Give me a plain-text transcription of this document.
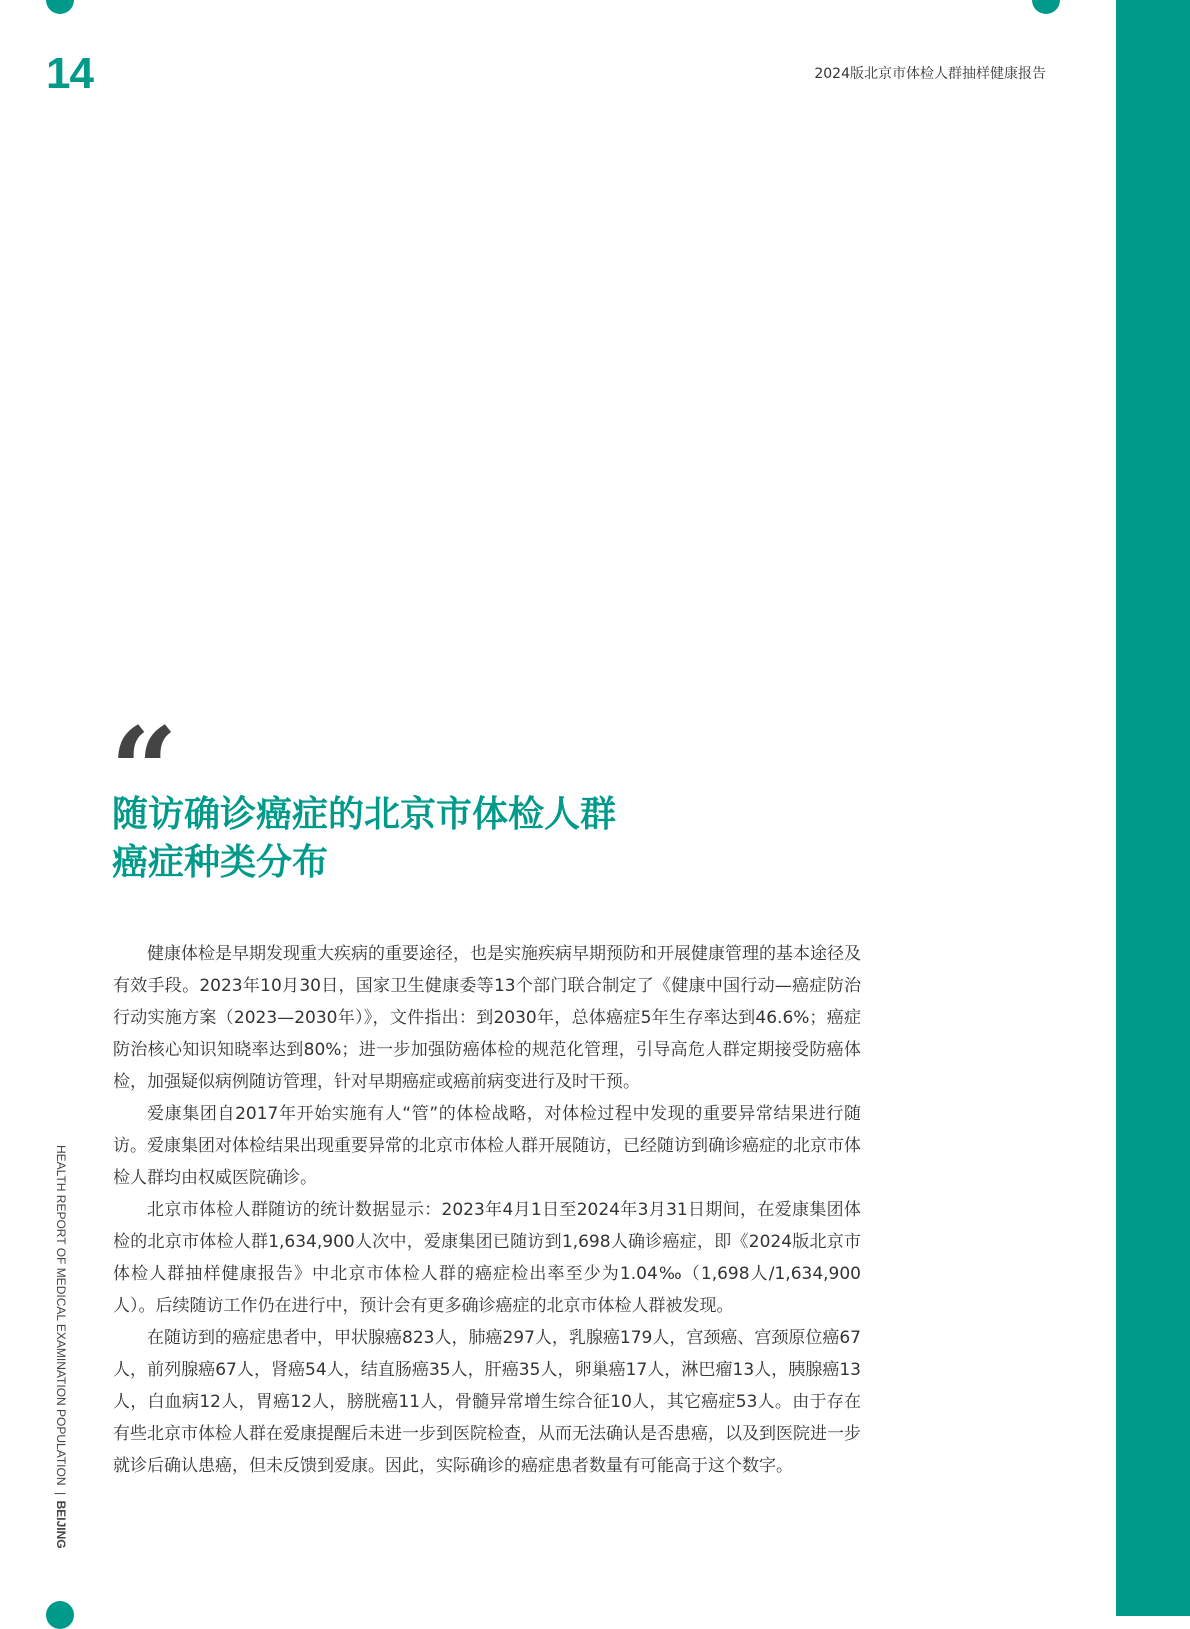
14	2024版北京市体检人群抽样健康报告
“
随访确诊癌症的北京市体检人群
癌症种类分布

健康体检是早期发现重大疾病的重要途径，也是实施疾病早期预防和开展健康管理的基本途径及有效手段。2023年10月30日，国家卫生健康委等13个部门联合制定了《健康中国行动—癌症防治行动实施方案（2023—2030年）》，文件指出：到2030年，总体癌症5年生存率达到46.6%；癌症防治核心知识知晓率达到80%；进一步加强防癌体检的规范化管理，引导高危人群定期接受防癌体检，加强疑似病例随访管理，针对早期癌症或癌前病变进行及时干预。

爱康集团自2017年开始实施有人“管”的体检战略，对体检过程中发现的重要异常结果进行随访。爱康集团对体检结果出现重要异常的北京市体检人群开展随访，已经随访到确诊癌症的北京市体检人群均由权威医院确诊。

北京市体检人群随访的统计数据显示：2023年4月1日至2024年3月31日期间，在爱康集团体检的北京市体检人群1,634,900人次中，爱康集团已随访到1,698人确诊癌症，即《2024版北京市体检人群抽样健康报告》中北京市体检人群的癌症检出率至少为1.04‰（1,698人/1,634,900人）。后续随访工作仍在进行中，预计会有更多确诊癌症的北京市体检人群被发现。

在随访到的癌症患者中，甲状腺癌823人，肺癌297人，乳腺癌179人，宫颈癌、宫颈原位癌67人，前列腺癌67人，肾癌54人，结直肠癌35人，肝癌35人，卵巢癌17人，淋巴瘤13人，胰腺癌13人，白血病12人，胃癌12人，膀胱癌11人，骨髓异常增生综合征10人，其它癌症53人。由于存在有些北京市体检人群在爱康提醒后未进一步到医院检查，从而无法确认是否患癌，以及到医院进一步就诊后确认患癌，但未反馈到爱康。因此，实际确诊的癌症患者数量有可能高于这个数字。

HEALTH REPORT OF MEDICAL EXAMINATION POPULATION|BEIJING
